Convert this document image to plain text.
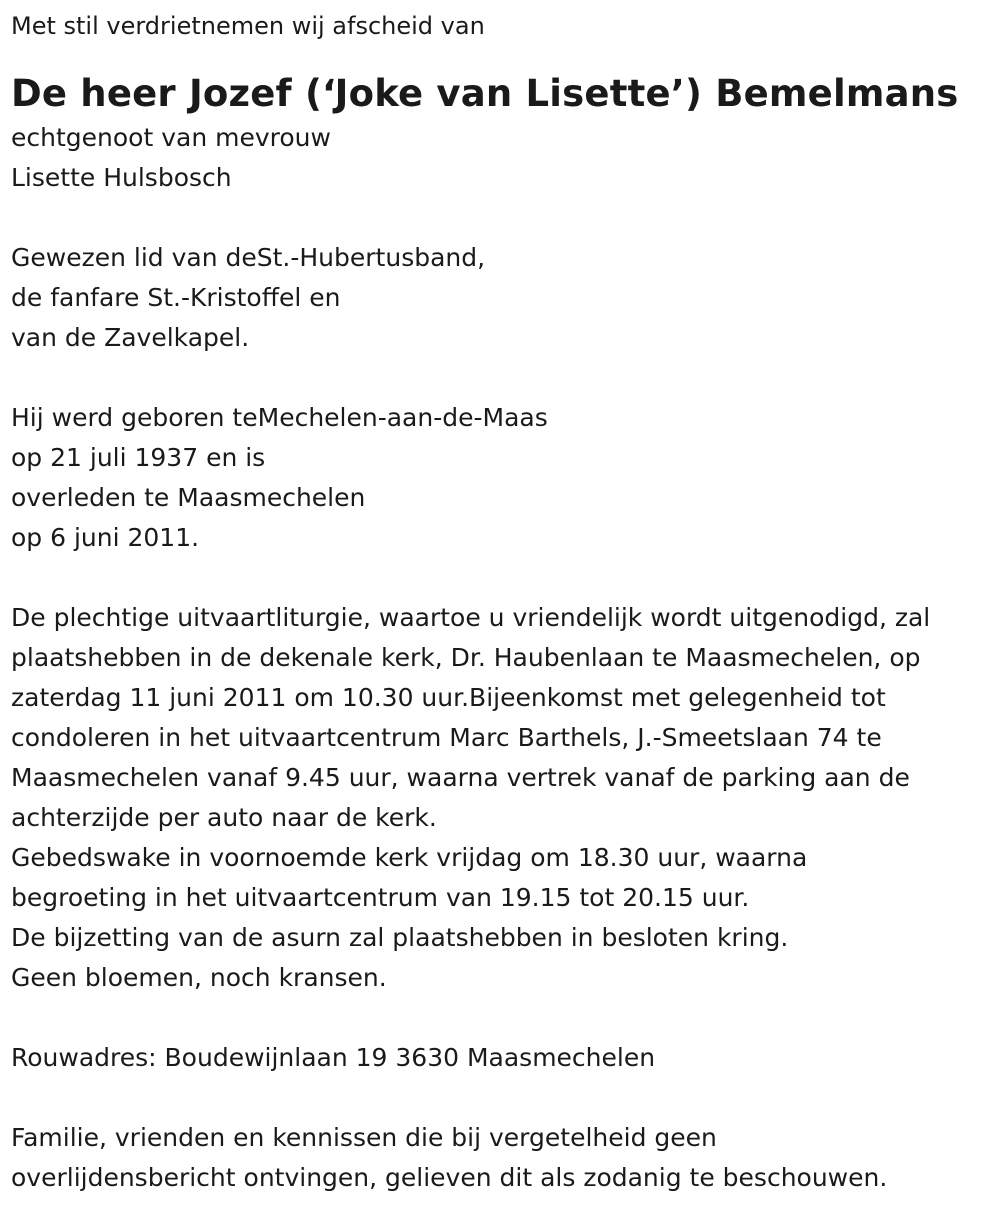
Met stil verdrietnemen wij afscheid van
De heer Jozef (‘Joke van Lisette’) Bemelmans
echtgenoot van mevrouw
Lisette Hulsbosch
Gewezen lid van deSt.-Hubertusband,
de fanfare St.-Kristoffel en
van de Zavelkapel.
Hij werd geboren teMechelen-aan-de-Maas
op 21 juli 1937 en is
overleden te Maasmechelen
op 6 juni 2011.
De plechtige uitvaartliturgie, waartoe u vriendelijk wordt uitgenodigd, zal
plaatshebben in de dekenale kerk, Dr. Haubenlaan te Maasmechelen, op
zaterdag 11 juni 2011 om 10.30 uur.Bijeenkomst met gelegenheid tot
condoleren in het uitvaartcentrum Marc Barthels, J.-Smeetslaan 74 te
Maasmechelen vanaf 9.45 uur, waarna vertrek vanaf de parking aan de
achterzijde per auto naar de kerk.
Gebedswake in voornoemde kerk vrijdag om 18.30 uur, waarna
begroeting in het uitvaartcentrum van 19.15 tot 20.15 uur.
De bijzetting van de asurn zal plaatshebben in besloten kring.
Geen bloemen, noch kransen.
Rouwadres: Boudewijnlaan 19 3630 Maasmechelen
Familie, vrienden en kennissen die bij vergetelheid geen
overlijdensbericht ontvingen, gelieven dit als zodanig te beschouwen.
